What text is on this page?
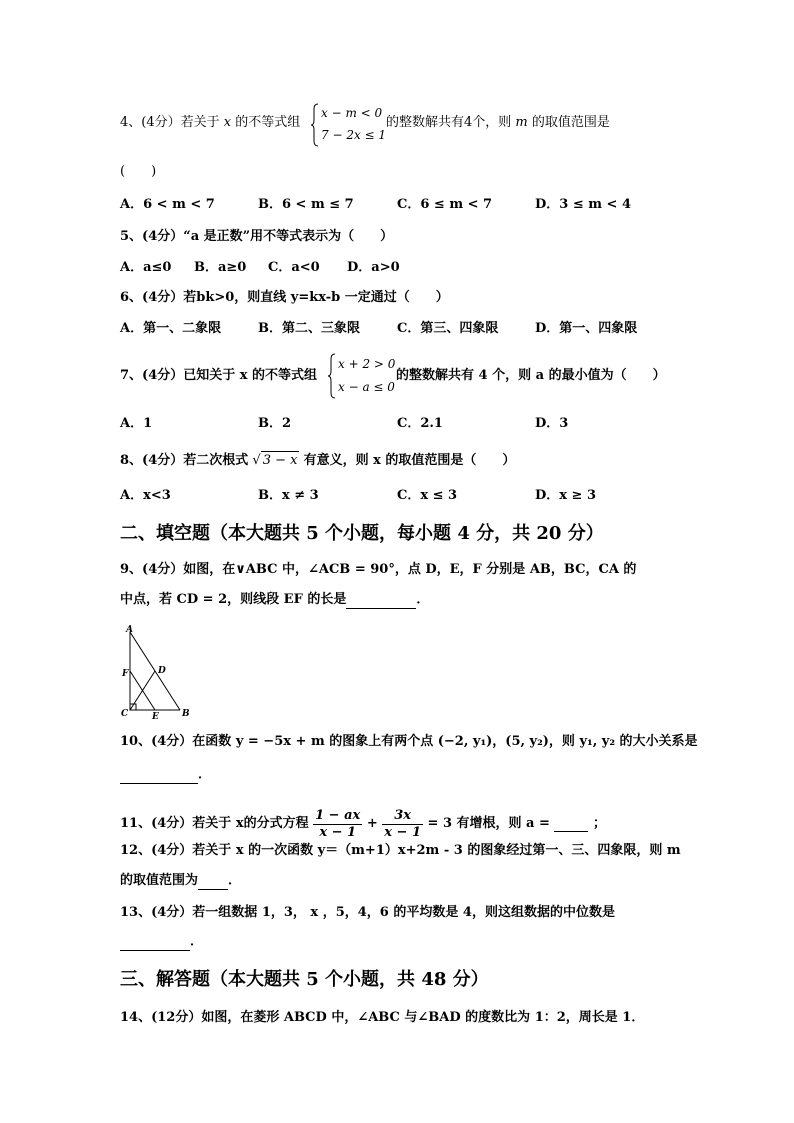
4、(4分）若关于 x 的不等式组
x − m < 0
7 − 2x ≤ 1
的整数解共有4个，则 m 的取值范围是
(　　)
A．6 < m < 7	B．6 < m ≤ 7	C．6 ≤ m < 7	D．3 ≤ m < 4
5、(4分）“a 是正数”用不等式表示为（　　）
A．a≤0 B．a≥0 C．a<0 D．a>0
6、(4分）若bk>0，则直线 y=kx-b 一定通过（　　）
A．第一、二象限	B．第二、三象限	C．第三、四象限	D．第一、四象限
7、(4分）已知关于 x 的不等式组
x + 2 > 0
x − a ≤ 0
的整数解共有 4 个，则 a 的最小值为（　　）
A．1	B．2	C．2.1	D．3
8、(4分）若二次根式 √ 3 − x 有意义，则 x 的取值范围是（　　）
A．x<3	B．x ≠ 3	C．x ≤ 3	D．x ≥ 3
二、填空题（本大题共 5 个小题，每小题 4 分，共 20 分）
9、(4分）如图，在∨ABC 中，∠ACB = 90°，点 D，E，F 分别是 AB，BC，CA 的
中点，若 CD = 2，则线段 EF 的长是	．
A
B
C
D
E
F
10、(4分）在函数 y = −5x + m 的图象上有两个点 (−2, y₁)，(5, y₂)，则 y₁, y₂ 的大小关系是
．
11、(4分）若关于 x的分式方程 $\frac{1 - ax}{x - 1} + \frac{3x}{x - 1} = 3$ 有增根，则 a =	；
12、(4分）若关于 x 的一次函数 y＝（m+1）x+2m - 3 的图象经过第一、三、四象限，则 m
的取值范围为 ．
13、(4分）若一组数据 1，3， x ，5，4，6 的平均数是 4，则这组数据的中位数是
．
三、解答题（本大题共 5 个小题，共 48 分）
14、(12分）如图，在菱形 ABCD 中，∠ABC 与∠BAD 的度数比为 1：2，周长是 1．
